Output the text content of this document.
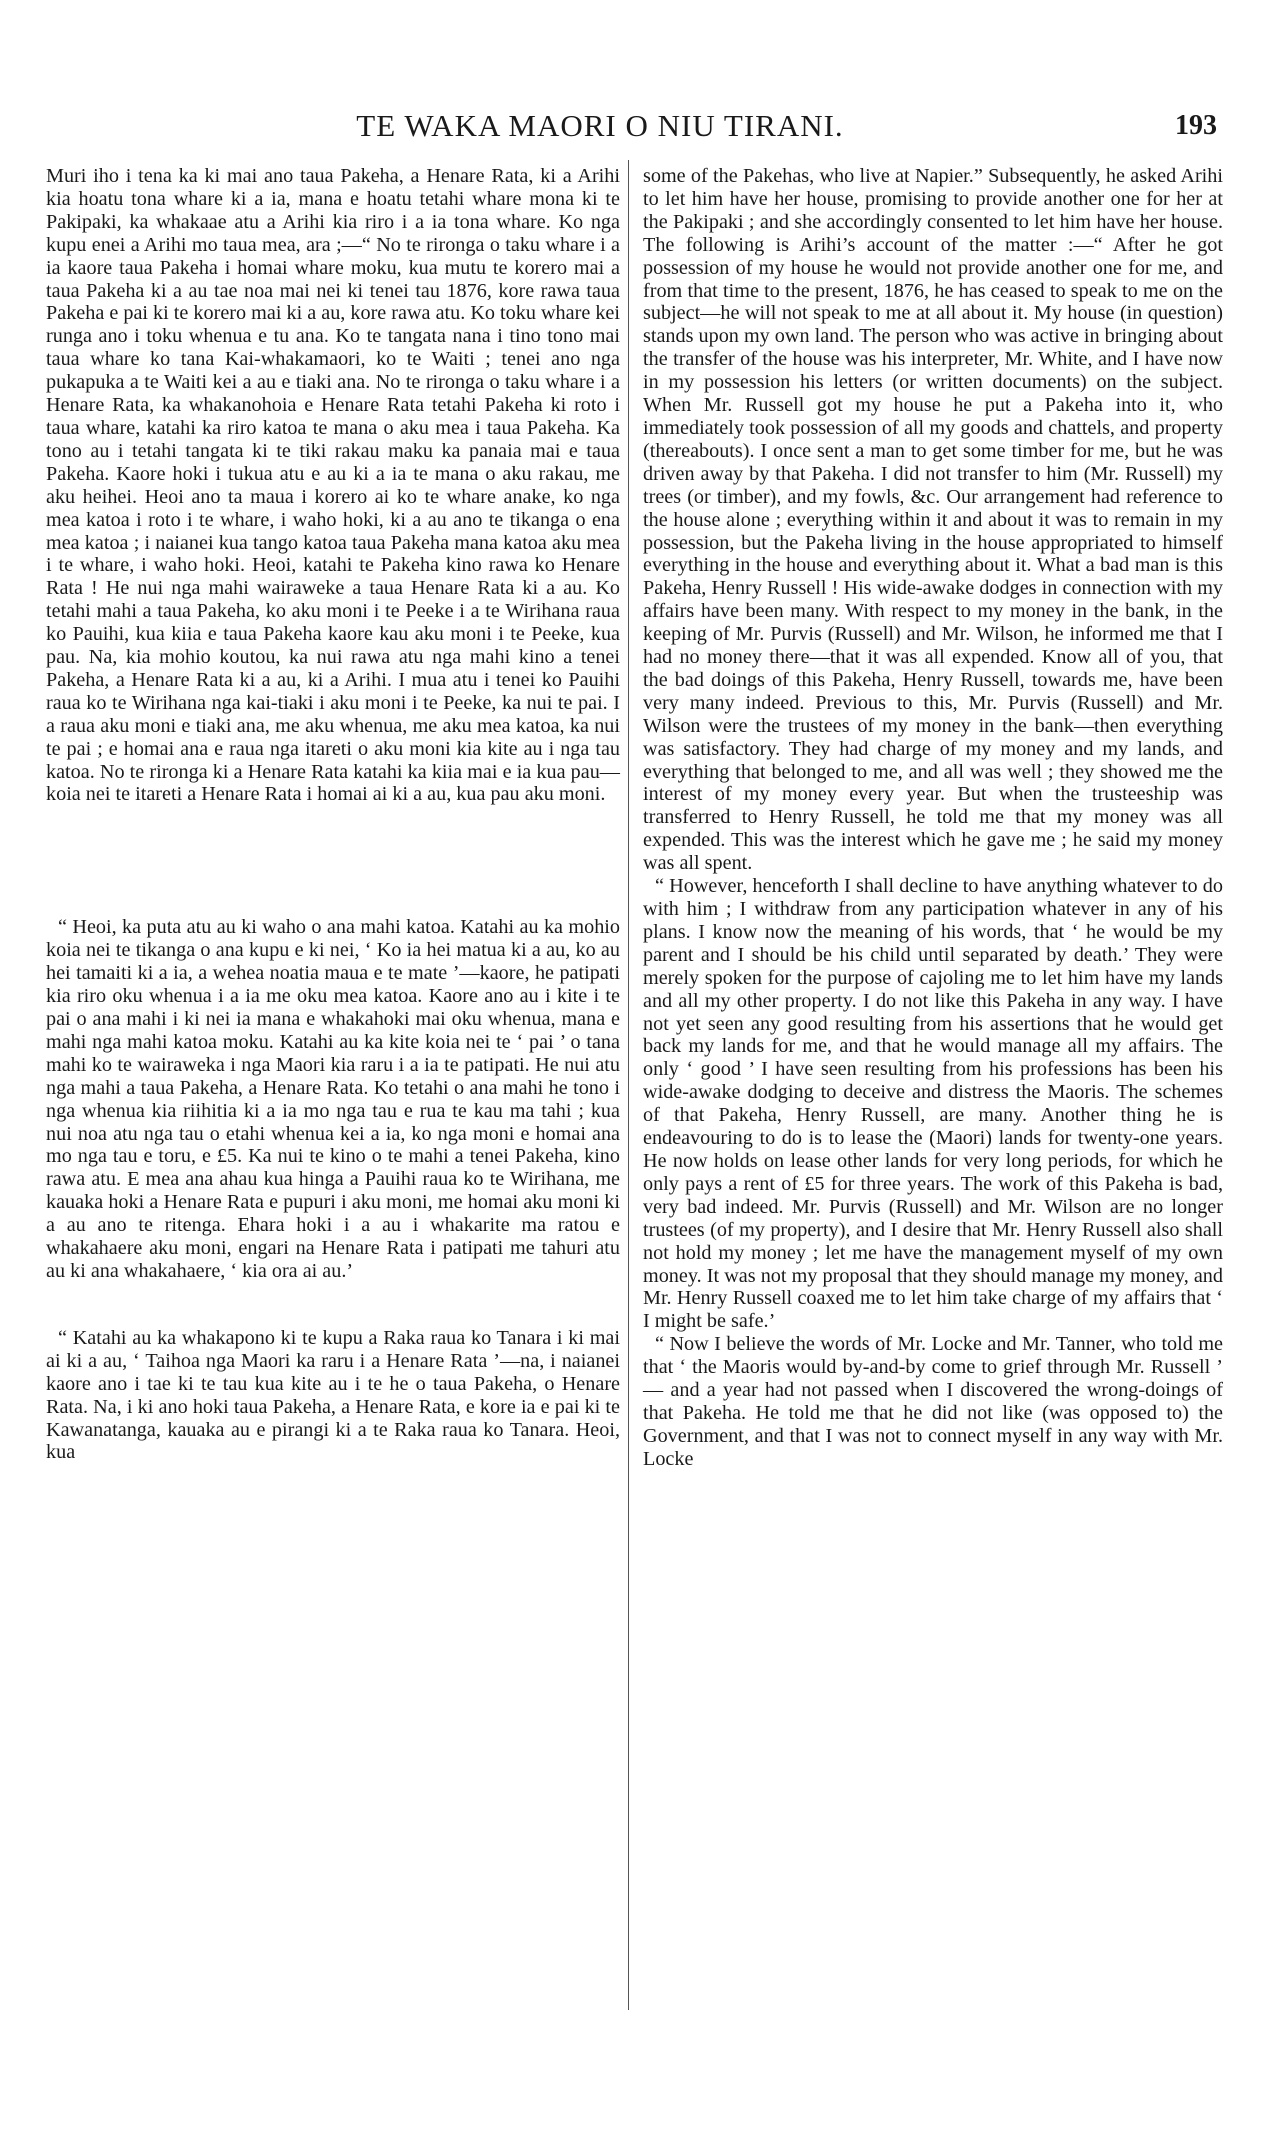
TE WAKA MAORI O NIU TIRANI.	193

Muri iho i tena ka ki mai ano taua Pakeha, a Henare Rata, ki a Arihi kia hoatu tona whare ki a ia, mana e hoatu tetahi whare mona ki te Pakipaki, ka whakaae atu a Arihi kia riro i a ia tona whare. Ko nga kupu enei a Arihi mo taua mea, ara ;—“ No te rironga o taku whare i a ia kaore taua Pakeha i homai whare moku, kua mutu te korero mai a taua Pakeha ki a au tae noa mai nei ki tenei tau 1876, kore rawa taua Pakeha e pai ki te korero mai ki a au, kore rawa atu. Ko toku whare kei runga ano i toku whenua e tu ana. Ko te tangata nana i tino tono mai taua whare ko tana Kai-whakamaori, ko te Waiti ; tenei ano nga pukapuka a te Waiti kei a au e tiaki ana. No te rironga o taku whare i a Henare Rata, ka whakanohoia e Henare Rata tetahi Pakeha ki roto i taua whare, katahi ka riro katoa te mana o aku mea i taua Pakeha. Ka tono au i tetahi tangata ki te tiki rakau maku ka panaia mai e taua Pakeha. Kaore hoki i tukua atu e au ki a ia te mana o aku rakau, me aku heihei. Heoi ano ta maua i korero ai ko te whare anake, ko nga mea katoa i roto i te whare, i waho hoki, ki a au ano te tikanga o ena mea katoa ; i naianei kua tango katoa taua Pakeha mana katoa aku mea i te whare, i waho hoki. Heoi, katahi te Pakeha kino rawa ko Henare Rata ! He nui nga mahi wairaweke a taua Henare Rata ki a au. Ko tetahi mahi a taua Pakeha, ko aku moni i te Peeke i a te Wirihana raua ko Pauihi, kua kiia e taua Pakeha kaore kau aku moni i te Peeke, kua pau. Na, kia mohio koutou, ka nui rawa atu nga mahi kino a tenei Pakeha, a Henare Rata ki a au, ki a Arihi. I mua atu i tenei ko Pauihi raua ko te Wirihana nga kai-tiaki i aku moni i te Peeke, ka nui te pai. I a raua aku moni e tiaki ana, me aku whenua, me aku mea katoa, ka nui te pai ; e homai ana e raua nga itareti o aku moni kia kite au i nga tau katoa. No te rironga ki a Henare Rata katahi ka kiia mai e ia kua pau—koia nei te itareti a Henare Rata i homai ai ki a au, kua pau aku moni.

“ Heoi, ka puta atu au ki waho o ana mahi katoa. Katahi au ka mohio koia nei te tikanga o ana kupu e ki nei, ‘ Ko ia hei matua ki a au, ko au hei tamaiti ki a ia, a wehea noatia maua e te mate ’—kaore, he patipati kia riro oku whenua i a ia me oku mea katoa. Kaore ano au i kite i te pai o ana mahi i ki nei ia mana e whakahoki mai oku whenua, mana e mahi nga mahi katoa moku. Katahi au ka kite koia nei te ‘ pai ’ o tana mahi ko te wairaweka i nga Maori kia raru i a ia te patipati. He nui atu nga mahi a taua Pakeha, a Henare Rata. Ko tetahi o ana mahi he tono i nga whenua kia riihitia ki a ia mo nga tau e rua te kau ma tahi ; kua nui noa atu nga tau o etahi whenua kei a ia, ko nga moni e homai ana mo nga tau e toru, e £5. Ka nui te kino o te mahi a tenei Pakeha, kino rawa atu. E mea ana ahau kua hinga a Pauihi raua ko te Wirihana, me kauaka hoki a Henare Rata e pupuri i aku moni, me homai aku moni ki a au ano te ritenga. Ehara hoki i a au i whakarite ma ratou e whakahaere aku moni, engari na Henare Rata i patipati me tahuri atu au ki ana whakahaere, ‘ kia ora ai au.’

“ Katahi au ka whakapono ki te kupu a Raka raua ko Tanara i ki mai ai ki a au, ‘ Taihoa nga Maori ka raru i a Henare Rata ’—na, i naianei kaore ano i tae ki te tau kua kite au i te he o taua Pakeha, o Henare Rata. Na, i ki ano hoki taua Pakeha, a Henare Rata, e kore ia e pai ki te Kawanatanga, kauaka au e pirangi ki a te Raka raua ko Tanara. Heoi, kua

some of the Pakehas, who live at Napier.” Subsequently, he asked Arihi to let him have her house, promising to provide another one for her at the Pakipaki ; and she accordingly consented to let him have her house. The following is Arihi’s account of the matter :—“ After he got possession of my house he would not provide another one for me, and from that time to the present, 1876, he has ceased to speak to me on the subject—he will not speak to me at all about it. My house (in question) stands upon my own land. The person who was active in bringing about the transfer of the house was his interpreter, Mr. White, and I have now in my possession his letters (or written documents) on the subject. When Mr. Russell got my house he put a Pakeha into it, who immediately took possession of all my goods and chattels, and property (thereabouts). I once sent a man to get some timber for me, but he was driven away by that Pakeha. I did not transfer to him (Mr. Russell) my trees (or timber), and my fowls, &c. Our arrangement had reference to the house alone ; everything within it and about it was to remain in my possession, but the Pakeha living in the house appropriated to himself everything in the house and everything about it. What a bad man is this Pakeha, Henry Russell ! His wide-awake dodges in connection with my affairs have been many. With respect to my money in the bank, in the keeping of Mr. Purvis (Russell) and Mr. Wilson, he informed me that I had no money there—that it was all expended. Know all of you, that the bad doings of this Pakeha, Henry Russell, towards me, have been very many indeed. Previous to this, Mr. Purvis (Russell) and Mr. Wilson were the trustees of my money in the bank—then everything was satisfactory. They had charge of my money and my lands, and everything that belonged to me, and all was well ; they showed me the interest of my money every year. But when the trusteeship was transferred to Henry Russell, he told me that my money was all expended. This was the interest which he gave me ; he said my money was all spent.

“ However, henceforth I shall decline to have anything whatever to do with him ; I withdraw from any participation whatever in any of his plans. I know now the meaning of his words, that ‘ he would be my parent and I should be his child until separated by death.’ They were merely spoken for the purpose of cajoling me to let him have my lands and all my other property. I do not like this Pakeha in any way. I have not yet seen any good resulting from his assertions that he would get back my lands for me, and that he would manage all my affairs. The only ‘ good ’ I have seen resulting from his professions has been his wide-awake dodging to deceive and distress the Maoris. The schemes of that Pakeha, Henry Russell, are many. Another thing he is endeavouring to do is to lease the (Maori) lands for twenty-one years. He now holds on lease other lands for very long periods, for which he only pays a rent of £5 for three years. The work of this Pakeha is bad, very bad indeed. Mr. Purvis (Russell) and Mr. Wilson are no longer trustees (of my property), and I desire that Mr. Henry Russell also shall not hold my money ; let me have the management myself of my own money. It was not my proposal that they should manage my money, and Mr. Henry Russell coaxed me to let him take charge of my affairs that ‘ I might be safe.’

“ Now I believe the words of Mr. Locke and Mr. Tanner, who told me that ‘ the Maoris would by-and-by come to grief through Mr. Russell ’ — and a year had not passed when I discovered the wrong-doings of that Pakeha. He told me that he did not like (was opposed to) the Government, and that I was not to connect myself in any way with Mr. Locke
